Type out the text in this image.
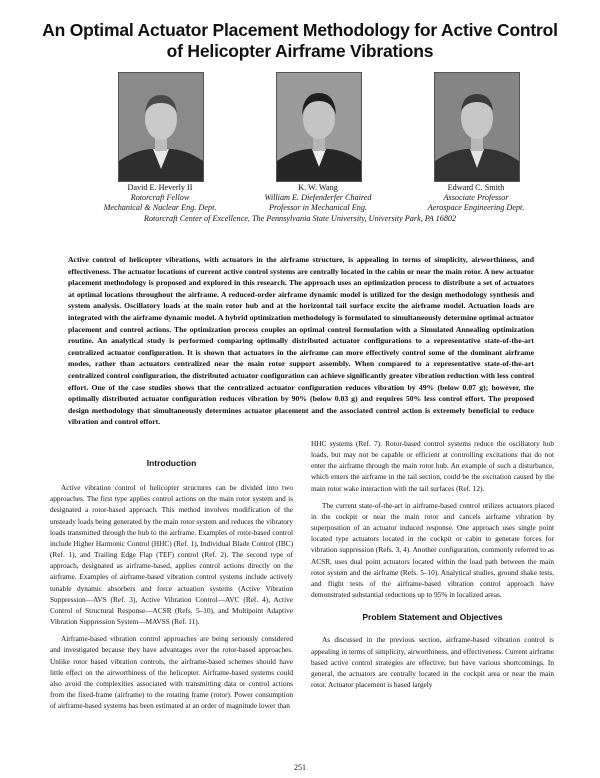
An Optimal Actuator Placement Methodology for Active Control
of Helicopter Airframe Vibrations
David E. Heverly II
Rotorcraft Fellow
Mechanical & Nuclear Eng. Dept.
K. W. Wang
William E. Diefenderfer Chaired
Professor in Mechanical Eng.
Edward C. Smith
Associate Professor
Aerospace Engineering Dept.
Rotorcraft Center of Excellence, The Pennsylvania State University, University Park, PA 16802
Active control of helicopter vibrations, with actuators in the airframe structure, is appealing in terms of simplicity, airworthiness, and effectiveness. The actuator locations of current active control systems are centrally located in the cabin or near the main rotor. A new actuator placement methodology is proposed and explored in this research. The approach uses an optimization process to distribute a set of actuators at optimal locations throughout the airframe. A reduced-order airframe dynamic model is utilized for the design methodology synthesis and system analysis. Oscillatory loads at the main rotor hub and at the horizontal tail surface excite the airframe model. Actuation loads are integrated with the airframe dynamic model. A hybrid optimization methodology is formulated to simultaneously determine optimal actuator placement and control actions. The optimization process couples an optimal control formulation with a Simulated Annealing optimization routine. An analytical study is performed comparing optimally distributed actuator configurations to a representative state-of-the-art centralized actuator configuration. It is shown that actuators in the airframe can more effectively control some of the dominant airframe modes, rather than actuators centralized near the main rotor support assembly. When compared to a representative state-of-the-art centralized control configuration, the distributed actuator configuration can achieve significantly greater vibration reduction with less control effort. One of the case studies shows that the centralized actuator configuration reduces vibration by 49% (below 0.07 g); however, the optimally distributed actuator configuration reduces vibration by 90% (below 0.03 g) and requires 50% less control effort. The proposed design methodology that simultaneously determines actuator placement and the associated control action is extremely beneficial to reduce vibration and control effort.
Introduction

Active vibration control of helicopter structures can be divided into two approaches. The first type applies control actions on the main rotor system and is designated a rotor-based approach. This method involves modification of the unsteady loads being generated by the main rotor system and reduces the vibratory loads transmitted through the hub to the airframe. Examples of rotor-based control include Higher Harmonic Control (HHC) (Ref. 1), Individual Blade Control (IBC) (Ref. 1), and Trailing Edge Flap (TEF) control (Ref. 2). The second type of approach, designated as airframe-based, applies control actions directly on the airframe. Examples of airframe-based vibration control systems include actively tunable dynamic absorbers and force actuation systems (Active Vibration Suppression—AVS (Ref. 3), Active Vibration Control—AVC (Ref. 4), Active Control of Structural Response—ACSR (Refs. 5–10), and Multipoint Adaptive Vibration Suppression System—MAVSS (Ref. 11).

Airframe-based vibration control approaches are being seriously considered and investigated because they have advantages over the rotor-based approaches. Unlike rotor based vibration controls, the airframe-based schemes should have little effect on the airworthiness of the helicopter. Airframe-based systems could also avoid the complexities associated with transmitting data or control actions from the fixed-frame (airframe) to the rotating frame (rotor). Power consumption of airframe-based systems has been estimated at an order of magnitude lower than

HHC systems (Ref. 7). Rotor-based control systems reduce the oscillatory hub loads, but may not be capable or efficient at controlling excitations that do not enter the airframe through the main rotor hub. An example of such a disturbance, which enters the airframe in the tail section, could be the excitation caused by the main rotor wake interaction with the tail surfaces (Ref. 12).

The current state-of-the-art in airframe-based control utilizes actuators placed in the cockpit or near the main rotor and cancels airframe vibration by superposition of an actuator induced response. One approach uses single point located type actuators located in the cockpit or cabin to generate forces for vibration suppression (Refs. 3, 4). Another configuration, commonly referred to as ACSR, uses dual point actuators located within the load path between the main rotor system and the airframe (Refs. 5–10). Analytical studies, ground shake tests, and flight tests of the airframe-based vibration control approach have demonstrated substantial reductions up to 95% in localized areas.

Problem Statement and Objectives

As discussed in the previous section, airframe-based vibration control is appealing in terms of simplicity, airworthiness, and effectiveness. Current airframe based active control strategies are effective, but have various shortcomings. In general, the actuators are centrally located in the cockpit area or near the main rotor. Actuator placement is based largely

251
